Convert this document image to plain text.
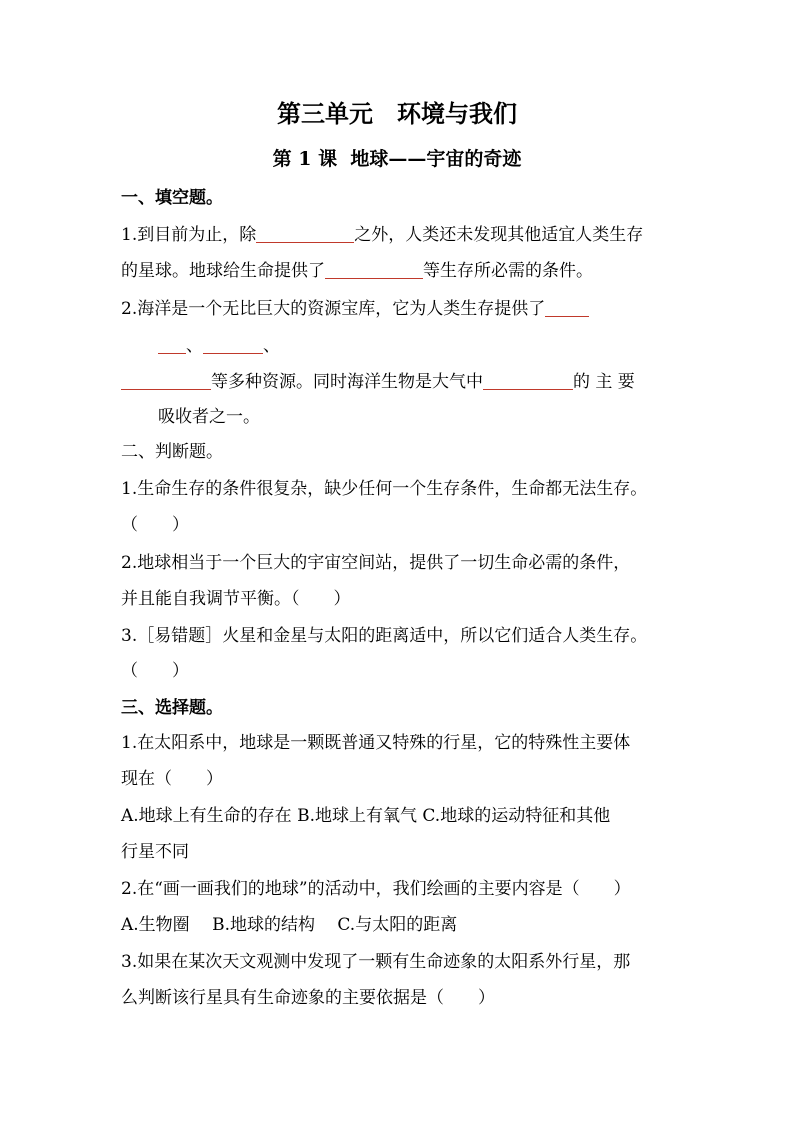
第三单元　环境与我们
第 1 课  地球——宇宙的奇迹
一、填空题。
1.到目前为止，除	之外，人类还未发现其他适宜人类生存
的星球。地球给生命提供了	等生存所必需的条件。
2.海洋是一个无比巨大的资源宝库，它为人类生存提供了
、	、
等多种资源。同时海洋生物是大气中	的 主 要
吸收者之一。
二、判断题。
1.生命生存的条件很复杂，缺少任何一个生存条件，生命都无法生存。
（　　）
2.地球相当于一个巨大的宇宙空间站，提供了一切生命必需的条件，
并且能自我调节平衡。（　　）
3.［易错题］火星和金星与太阳的距离适中，所以它们适合人类生存。
（　　）
三、选择题。
1.在太阳系中，地球是一颗既普通又特殊的行星，它的特殊性主要体
现在（　　）
A.地球上有生命的存在 B.地球上有氧气 C.地球的运动特征和其他
行星不同
2.在“画一画我们的地球”的活动中，我们绘画的主要内容是（　　）
A.生物圈　 B.地球的结构　 C.与太阳的距离
3.如果在某次天文观测中发现了一颗有生命迹象的太阳系外行星，那
么判断该行星具有生命迹象的主要依据是（　　）
